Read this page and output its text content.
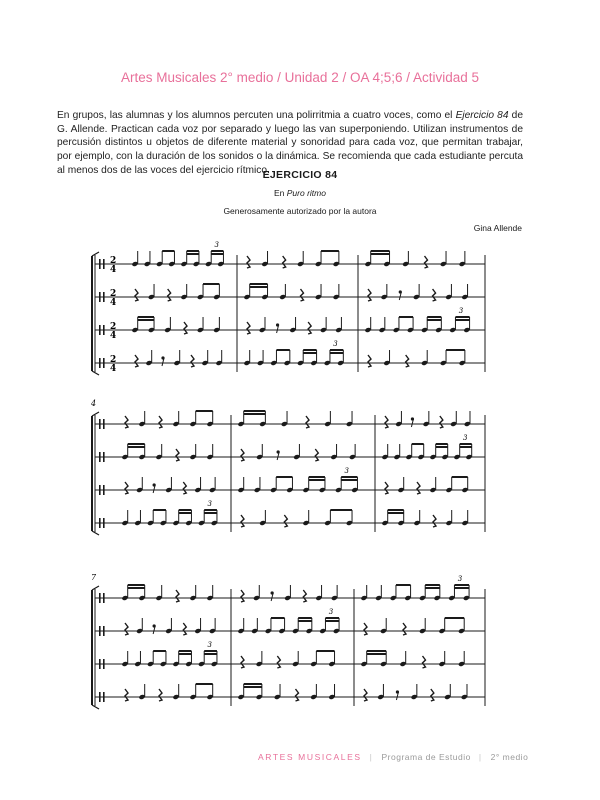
Artes Musicales 2° medio / Unidad 2 / OA 4;5;6 / Actividad 5

En grupos, las alumnas y los alumnos percuten una polirritmia a cuatro voces, como el Ejercicio 84 de G. Allende. Practican cada voz por separado y luego las van superponiendo. Utilizan instrumentos de percusión distintos u objetos de diferente material y sonoridad para cada voz, que permitan trabajar, por ejemplo, con la duración de los sonidos o la dinámica. Se recomienda que cada estudiante percuta al menos dos de las voces del ejercicio rítmico.

EJERCICIO 84
En Puro ritmo
Generosamente autorizado por la autora
Gina Allende
2
4
3
2
4
2
4
3
2
4
3
3
3
3
4
3
3
3
7
ARTES MUSICALES | Programa de Estudio | 2° medio
